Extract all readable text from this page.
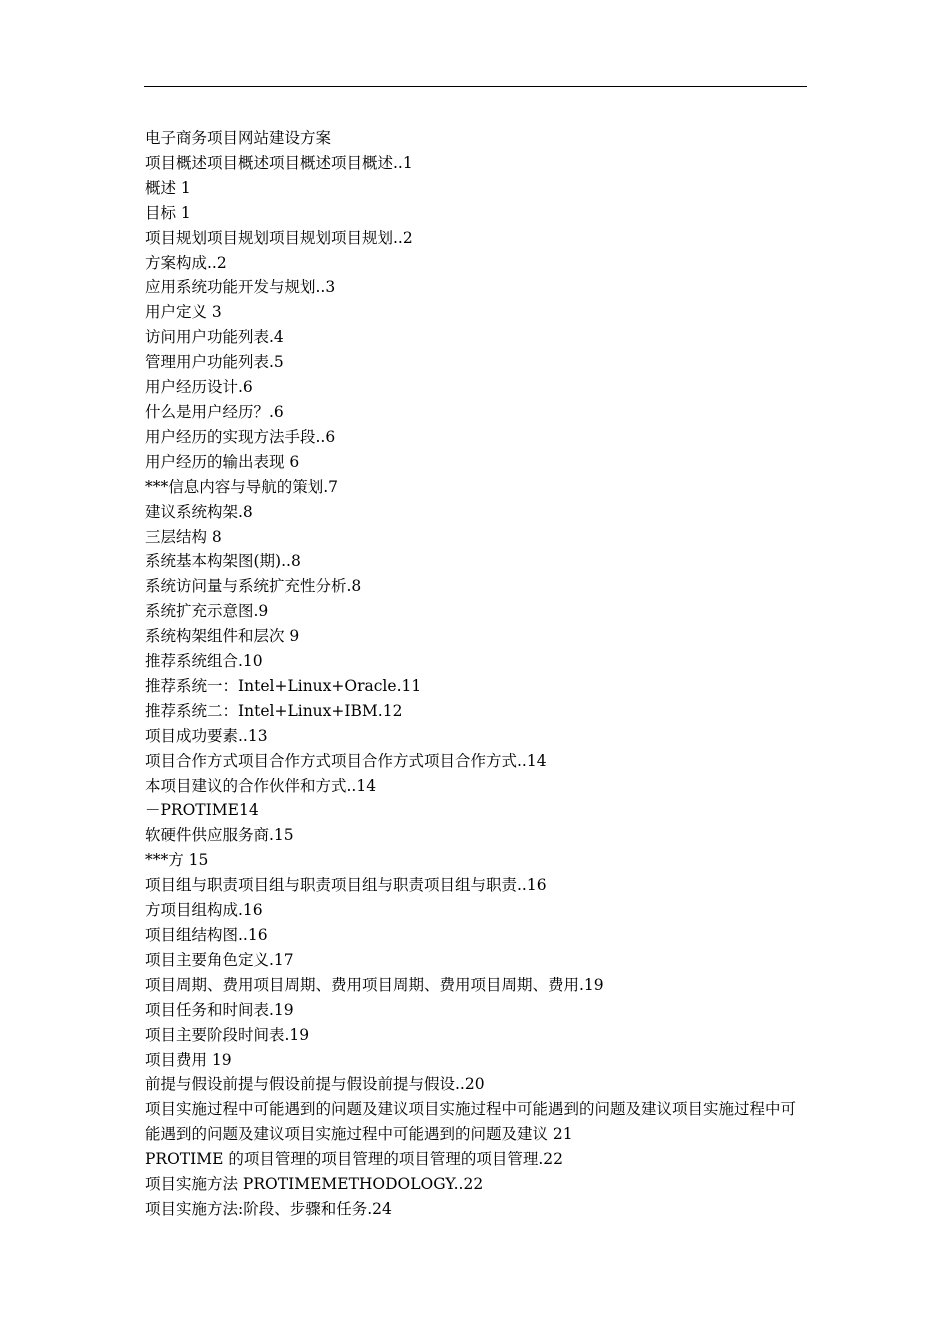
电子商务项目网站建设方案
项目概述项目概述项目概述项目概述..1
概述 1
目标 1
项目规划项目规划项目规划项目规划..2
方案构成..2
应用系统功能开发与规划..3
用户定义 3
访问用户功能列表.4
管理用户功能列表.5
用户经历设计.6
什么是用户经历？.6
用户经历的实现方法手段..6
用户经历的输出表现 6
***信息内容与导航的策划.7
建议系统构架.8
三层结构 8
系统基本构架图(期)..8
系统访问量与系统扩充性分析.8
系统扩充示意图.9
系统构架组件和层次 9
推荐系统组合.10
推荐系统一：Intel+Linux+Oracle.11
推荐系统二：Intel+Linux+IBM.12
项目成功要素..13
项目合作方式项目合作方式项目合作方式项目合作方式..14
本项目建议的合作伙伴和方式..14
－PROTIME14
软硬件供应服务商.15
***方 15
项目组与职责项目组与职责项目组与职责项目组与职责..16
方项目组构成.16
项目组结构图..16
项目主要角色定义.17
项目周期、费用项目周期、费用项目周期、费用项目周期、费用.19
项目任务和时间表.19
项目主要阶段时间表.19
项目费用 19
前提与假设前提与假设前提与假设前提与假设..20
项目实施过程中可能遇到的问题及建议项目实施过程中可能遇到的问题及建议项目实施过程中可能遇到的问题及建议项目实施过程中可能遇到的问题及建议 21
PROTIME 的项目管理的项目管理的项目管理的项目管理.22
项目实施方法 PROTIMEMETHODOLOGY..22
项目实施方法:阶段、步骤和任务.24
